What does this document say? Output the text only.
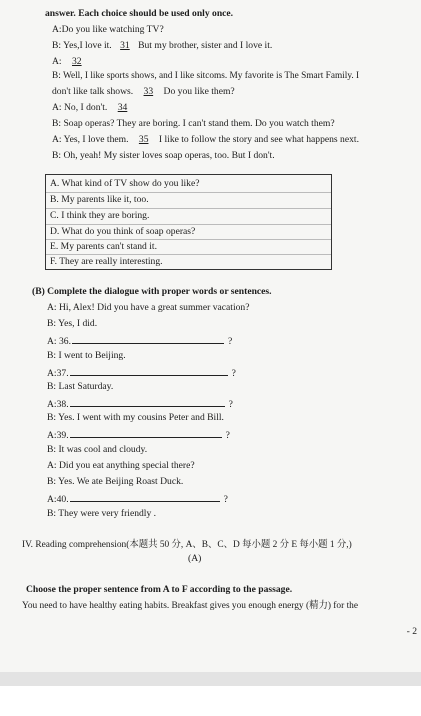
answer. Each choice should be used only once.
A:Do you like watching TV?
B: Yes,I love it. 31 But my brother, sister and I love it.
A: 32
B: Well, I like sports shows, and I like sitcoms. My favorite is The Smart Family. I
don't like talk shows. 33 Do you like them?
A: No, I don't. 34
B: Soap operas? They are boring. I can't stand them. Do you watch them?
A: Yes, I love them. 35 I like to follow the story and see what happens next.
B: Oh, yeah! My sister loves soap operas, too. But I don't.
A. What kind of TV show do you like?
B. My parents like it, too.
C. I think they are boring.
D. What do you think of soap operas?
E. My parents can't stand it.
F. They are really interesting.
(B) Complete the dialogue with proper words or sentences.
A: Hi, Alex! Did you have a great summer vacation?
B: Yes, I did.
A: 36.	?
B: I went to Beijing.
A:37.	?
B: Last Saturday.
A:38.	?
B: Yes. I went with my cousins Peter and Bill.
A:39.	?
B: It was cool and cloudy.
A: Did you eat anything special there?
B: Yes. We ate Beijing Roast Duck.
A:40.	?
B: They were very friendly .
IV. Reading comprehension(本题共 50 分, A、B、C、D 每小题 2 分 E 每小题 1 分,)
(A)
Choose the proper sentence from A to F according to the passage.
You need to have healthy eating habits. Breakfast gives you enough energy (精力) for the
- 2
